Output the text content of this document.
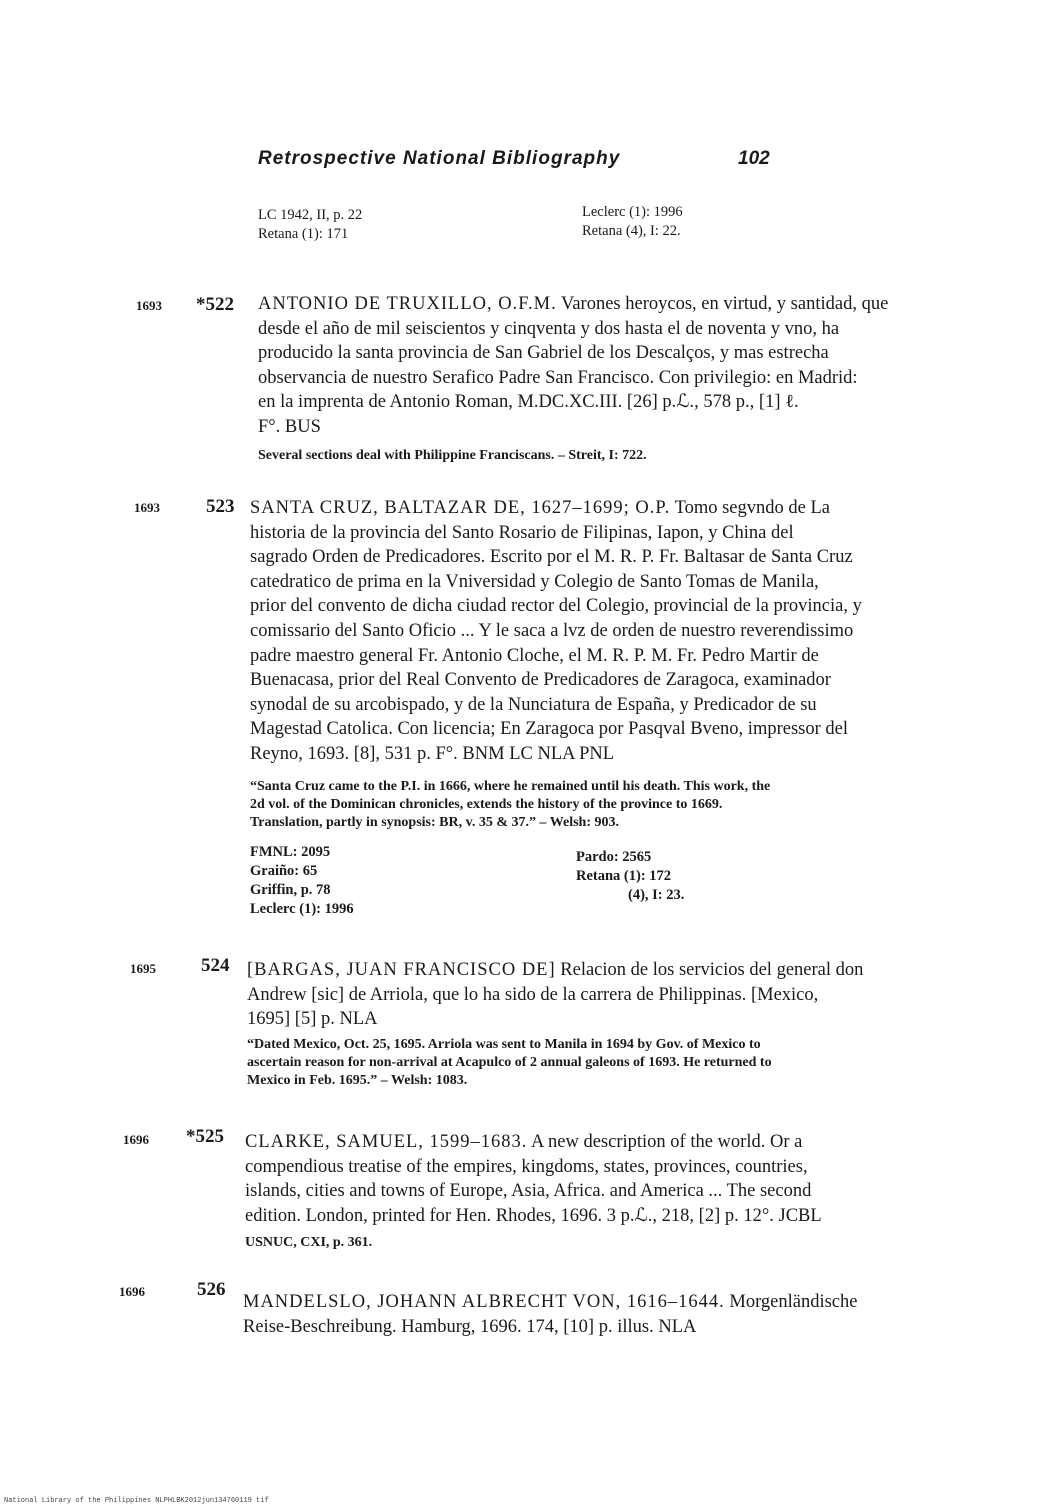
Retrospective National Bibliography	102
LC 1942, II, p. 22
Retana (1): 171
Leclerc (1): 1996
Retana (4), I: 22.
1693 *522 ANTONIO DE TRUXILLO, O.F.M. Varones heroycos, en virtud, y santidad, que
desde el año de mil seiscientos y cinqventa y dos hasta el de noventa y vno, ha
producido la santa provincia de San Gabriel de los Descalços, y mas estrecha
observancia de nuestro Serafico Padre San Francisco. Con privilegio: en Madrid:
en la imprenta de Antonio Roman, M.DC.XC.III. [26] p.ℒ., 578 p., [1] ℓ.
F°. BUS
Several sections deal with Philippine Franciscans. – Streit, I: 722.
1693 523 SANTA CRUZ, BALTAZAR DE, 1627–1699; O.P. Tomo segvndo de La
historia de la provincia del Santo Rosario de Filipinas, Iapon, y China del
sagrado Orden de Predicadores. Escrito por el M. R. P. Fr. Baltasar de Santa Cruz
catedratico de prima en la Vniversidad y Colegio de Santo Tomas de Manila,
prior del convento de dicha ciudad rector del Colegio, provincial de la provincia, y
comissario del Santo Oficio ... Y le saca a lvz de orden de nuestro reverendissimo
padre maestro general Fr. Antonio Cloche, el M. R. P. M. Fr. Pedro Martir de
Buenacasa, prior del Real Convento de Predicadores de Zaragoca, examinador
synodal de su arcobispado, y de la Nunciatura de España, y Predicador de su
Magestad Catolica. Con licencia; En Zaragoca por Pasqval Bveno, impressor del
Reyno, 1693. [8], 531 p. F°. BNM LC NLA PNL
“Santa Cruz came to the P.I. in 1666, where he remained until his death. This work, the
2d vol. of the Dominican chronicles, extends the history of the province to 1669.
Translation, partly in synopsis: BR, v. 35 & 37.” – Welsh: 903.
FMNL: 2095
Graiño: 65
Griffin, p. 78
Leclerc (1): 1996
Pardo: 2565
Retana (1): 172
(4), I: 23.
1695 524 [BARGAS, JUAN FRANCISCO DE] Relacion de los servicios del general don
Andrew [sic] de Arriola, que lo ha sido de la carrera de Philippinas. [Mexico,
1695] [5] p. NLA
“Dated Mexico, Oct. 25, 1695. Arriola was sent to Manila in 1694 by Gov. of Mexico to
ascertain reason for non-arrival at Acapulco of 2 annual galeons of 1693. He returned to
Mexico in Feb. 1695.” – Welsh: 1083.
1696 *525 CLARKE, SAMUEL, 1599–1683. A new description of the world. Or a
compendious treatise of the empires, kingdoms, states, provinces, countries,
islands, cities and towns of Europe, Asia, Africa. and America ... The second
edition. London, printed for Hen. Rhodes, 1696. 3 p.ℒ., 218, [2] p. 12°. JCBL
USNUC, CXI, p. 361.
1696	526
MANDELSLO, JOHANN ALBRECHT VON, 1616–1644. Morgenländische
Reise-Beschreibung. Hamburg, 1696. 174, [10] p. illus. NLA
National Library of the Philippines NLPHLBK2012jun134760119 tif
